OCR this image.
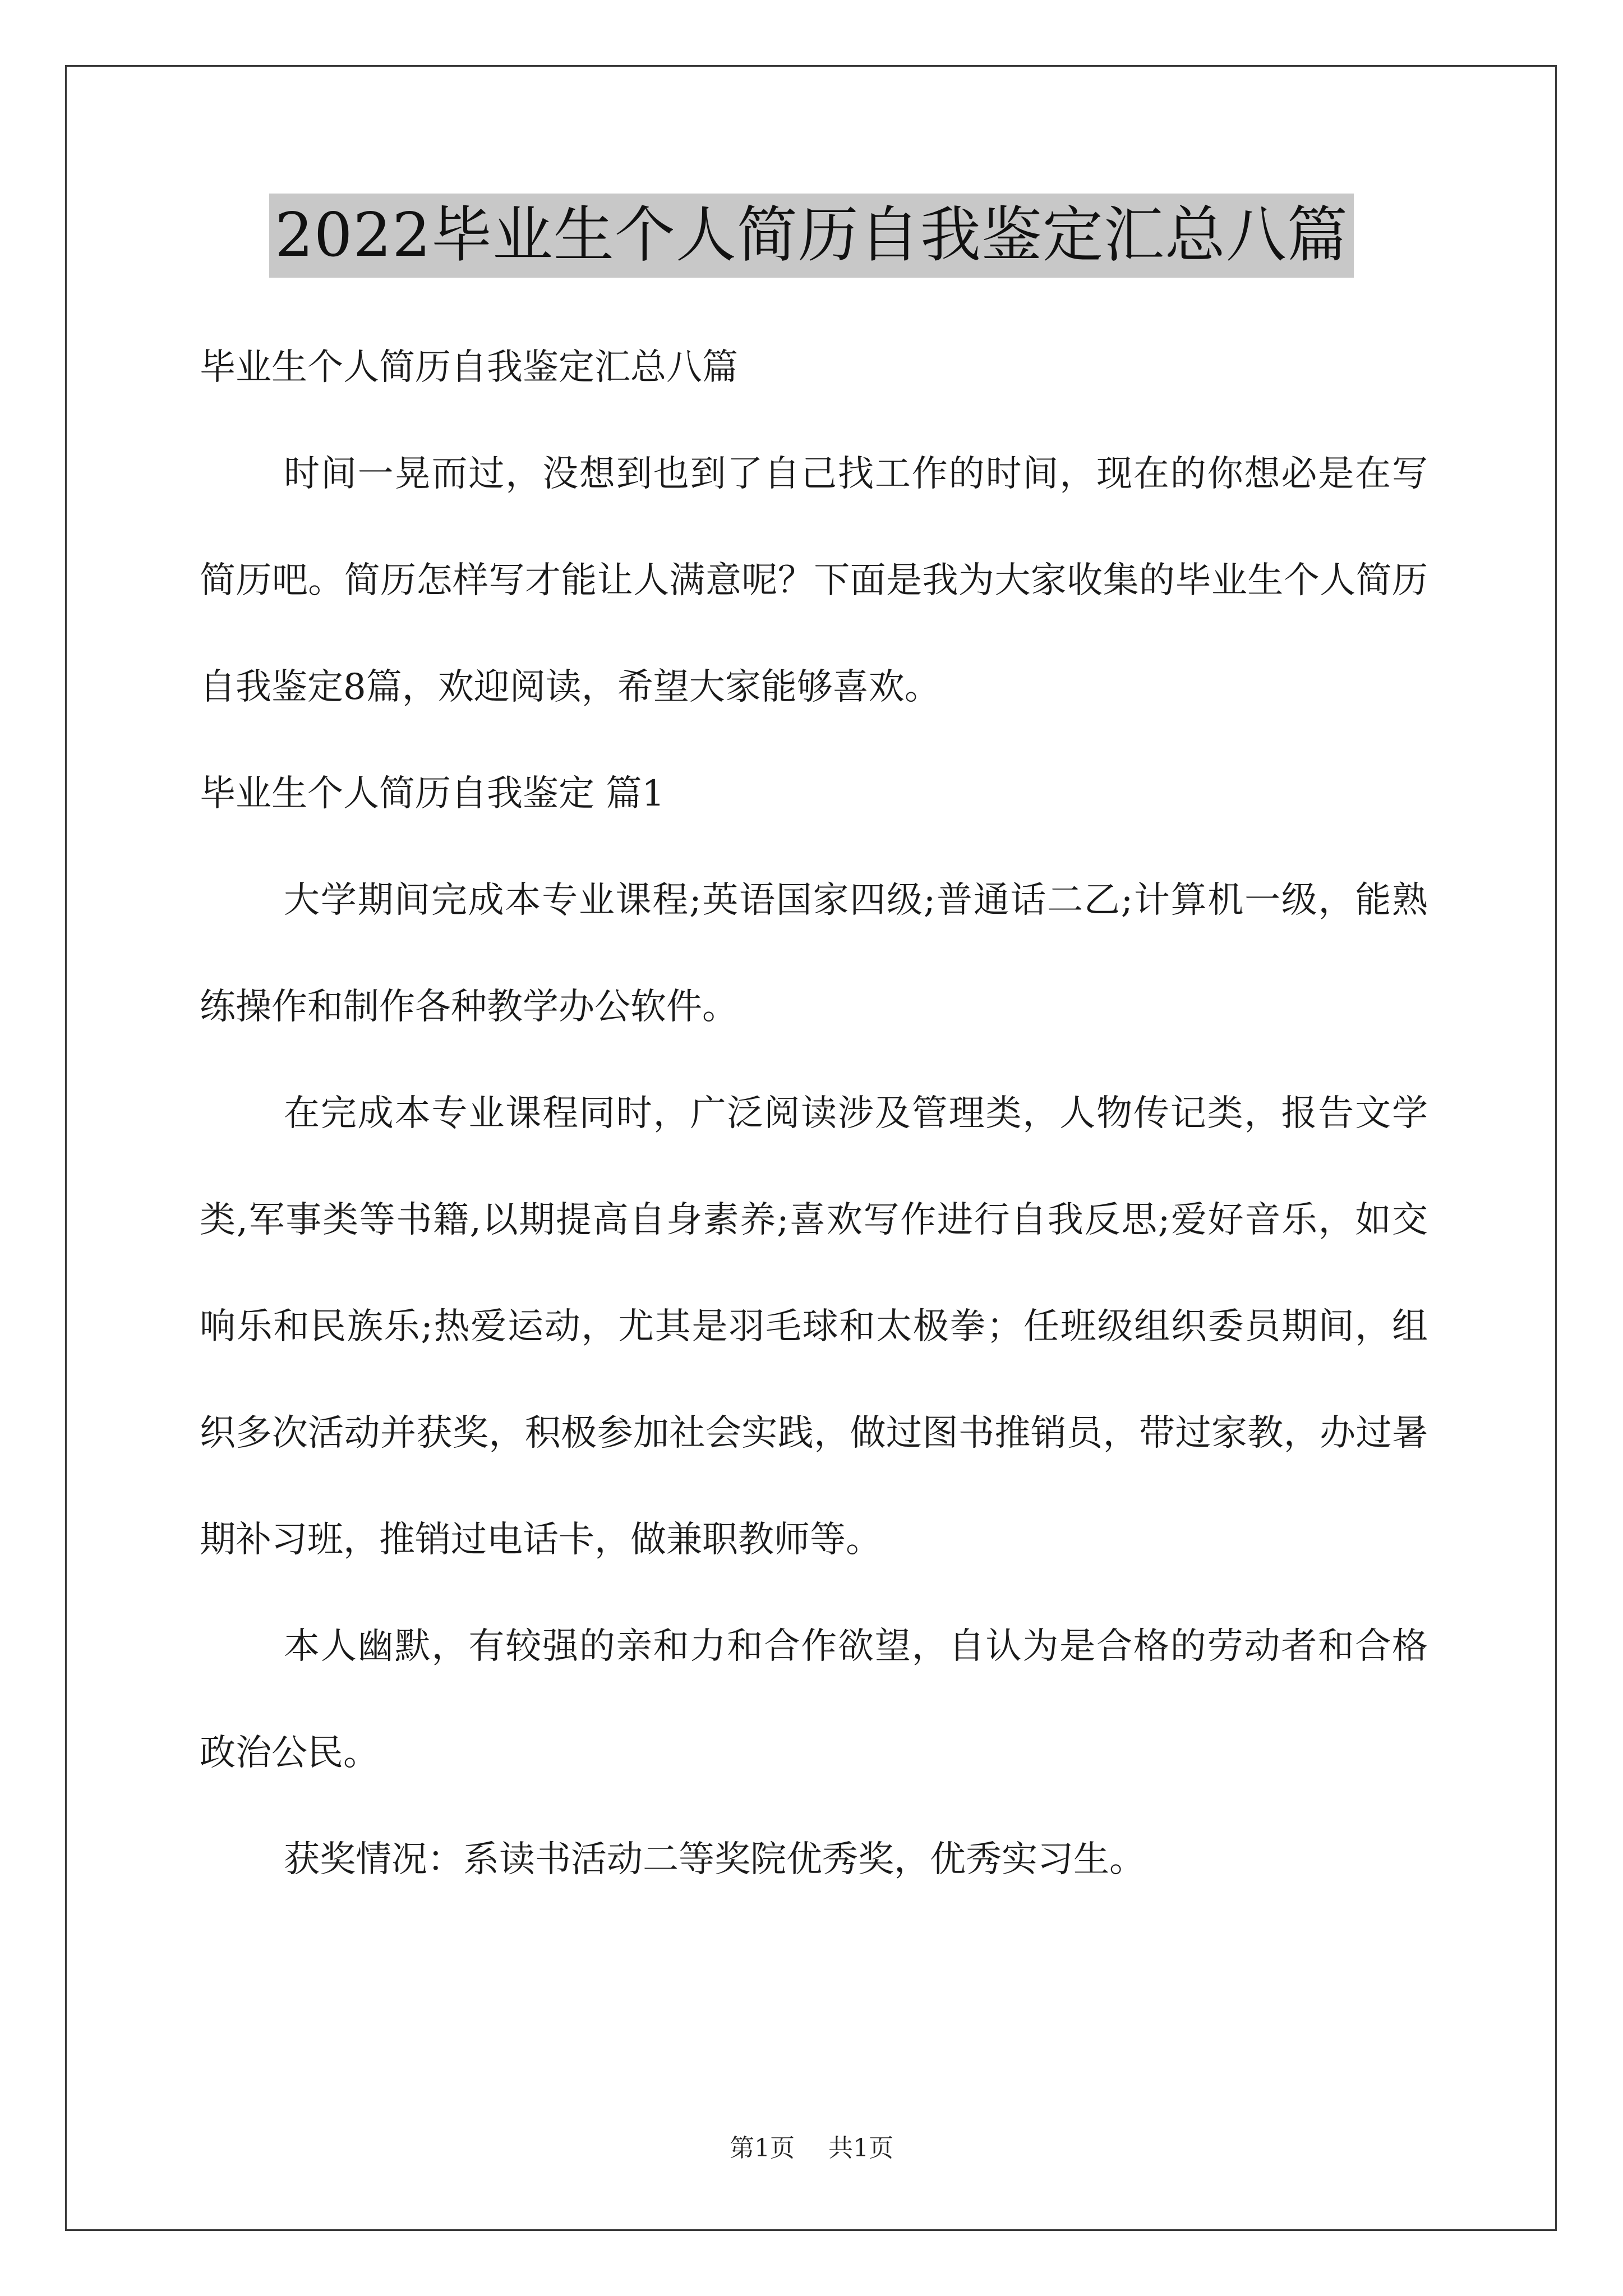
2022毕业生个人简历自我鉴定汇总八篇

毕业生个人简历自我鉴定汇总八篇

时间一晃而过，没想到也到了自己找工作的时间，现在的你想必是在写简历吧。简历怎样写才能让人满意呢？下面是我为大家收集的毕业生个人简历自我鉴定8篇，欢迎阅读，希望大家能够喜欢。

毕业生个人简历自我鉴定 篇1

大学期间完成本专业课程;英语国家四级;普通话二乙;计算机一级，能熟练操作和制作各种教学办公软件。

在完成本专业课程同时，广泛阅读涉及管理类，人物传记类，报告文学类,军事类等书籍,以期提高自身素养;喜欢写作进行自我反思;爱好音乐，如交响乐和民族乐;热爱运动，尤其是羽毛球和太极拳；任班级组织委员期间，组织多次活动并获奖，积极参加社会实践，做过图书推销员，带过家教，办过暑期补习班，推销过电话卡，做兼职教师等。

本人幽默，有较强的亲和力和合作欲望，自认为是合格的劳动者和合格政治公民。

获奖情况：系读书活动二等奖院优秀奖，优秀实习生。

第1页 共1页
